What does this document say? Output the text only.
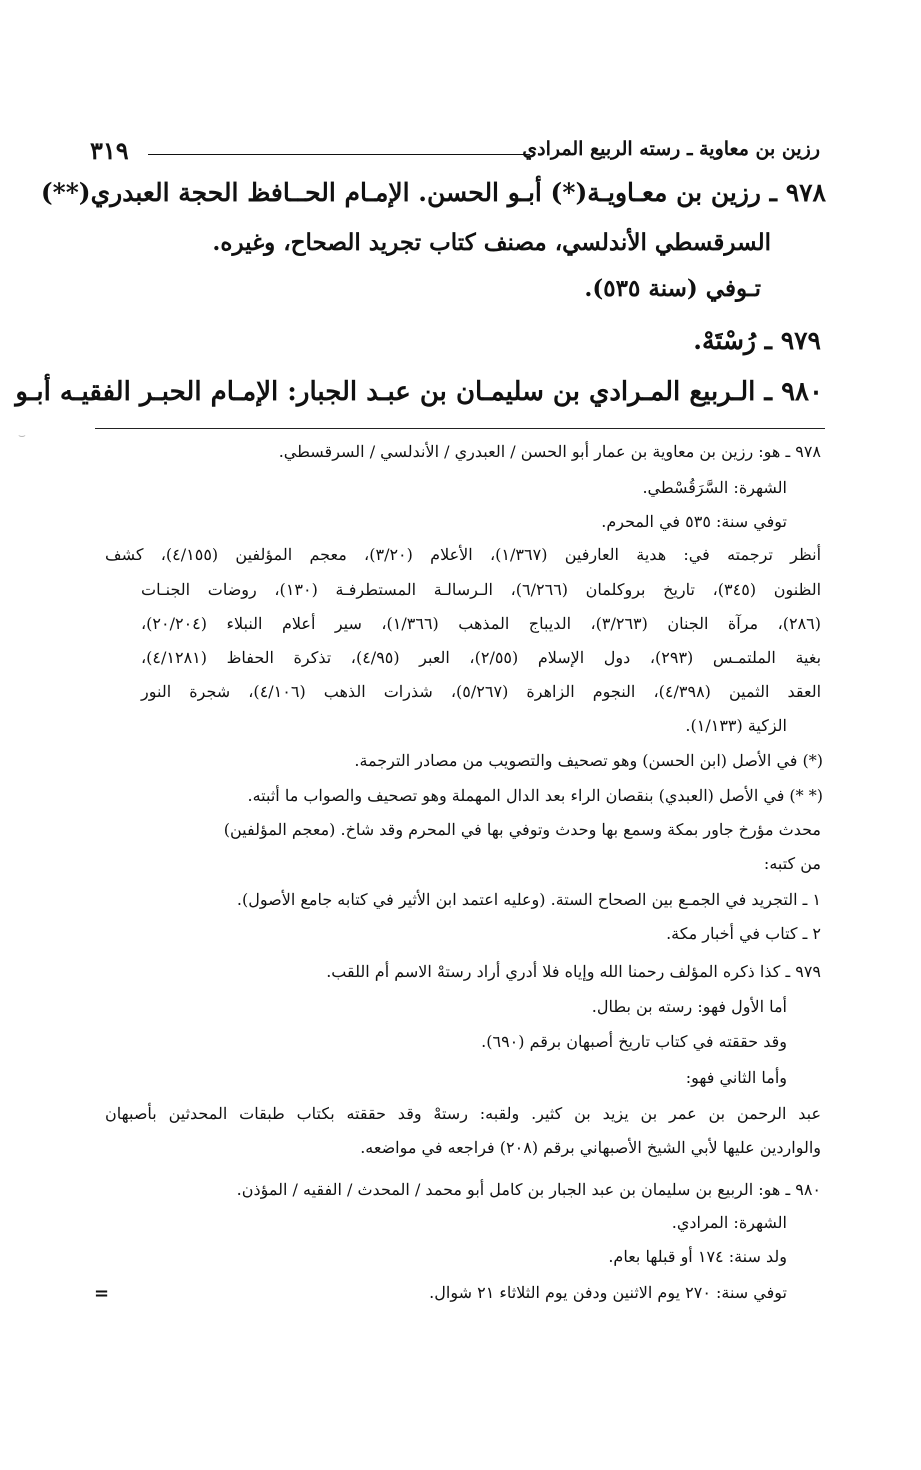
رزين بن معاوية ـ رسته الربيع المرادي
٣١٩
٩٧٨ ـ رزين بن معـاويـة(*) أبـو الحسن. الإمـام الحــافظ الحجة العبدري(**)
السرقسطي الأندلسي، مصنف كتاب تجريد الصحاح، وغيره.
تـوفي (سنة ٥٣٥).
٩٧٩ ـ رُسْتَهْ.
٩٨٠ ـ الـربيع المـرادي بن سليمـان بن عبـد الجبار: الإمـام الحبـر الفقيـه أبـو
٩٧٨ ـ هو: رزين بن معاوية بن عمار أبو الحسن / العبدري / الأندلسي / السرقسطي.
الشهرة: السَّرَقُسْطي.
توفي سنة: ٥٣٥ في المحرم.
أنظر ترجمته في: هدية العارفين (١/٣٦٧)، الأعلام (٣/٢٠)، معجم المؤلفين (٤/١٥٥)، كشف
الظنون (٣٤٥)، تاريخ بروكلمان (٦/٢٦٦)، الـرسالـة المستطرفـة (١٣٠)، روضات الجنـات
(٢٨٦)، مرآة الجنان (٣/٢٦٣)، الديباج المذهب (١/٣٦٦)، سير أعلام النبلاء (٢٠/٢٠٤)،
بغية الملتمـس (٢٩٣)، دول الإسلام (٢/٥٥)، العبر (٤/٩٥)، تذكرة الحفاظ (٤/١٢٨١)،
العقد الثمين (٤/٣٩٨)، النجوم الزاهرة (٥/٢٦٧)، شذرات الذهب (٤/١٠٦)، شجرة النور
الزكية (١/١٣٣).
(*) في الأصل (ابن الحسن) وهو تصحيف والتصويب من مصادر الترجمة.
(* *) في الأصل (العبدي) بنقصان الراء بعد الدال المهملة وهو تصحيف والصواب ما أثبته.
محدث مؤرخ جاور بمكة وسمع بها وحدث وتوفي بها في المحرم وقد شاخ. (معجم المؤلفين)
من كتبه:
١ ـ التجريد في الجمـع بين الصحاح الستة. (وعليه اعتمد ابن الأثير في كتابه جامع الأصول).
٢ ـ كتاب في أخبار مكة.
٩٧٩ ـ كذا ذكره المؤلف رحمنا الله وإياه فلا أدري أراد رستهْ الاسم أم اللقب.
أما الأول فهو: رسته بن بطال.
وقد حققته في كتاب تاريخ أصبهان برقم (٦٩٠).
وأما الثاني فهو:
عبد الرحمن بن عمر بن يزيد بن كثير. ولقبه: رستهْ وقد حققته بكتاب طبقات المحدثين بأصبهان
والواردين عليها لأبي الشيخ الأصبهاني برقم (٢٠٨) فراجعه في مواضعه.
٩٨٠ ـ هو: الربيع بن سليمان بن عبد الجبار بن كامل أبو محمد / المحدث / الفقيه / المؤذن.
الشهرة: المرادي.
ولد سنة: ١٧٤ أو قبلها بعام.
توفي سنة: ٢٧٠ يوم الاثنين ودفن يوم الثلاثاء ٢١ شوال.
=
⌣
